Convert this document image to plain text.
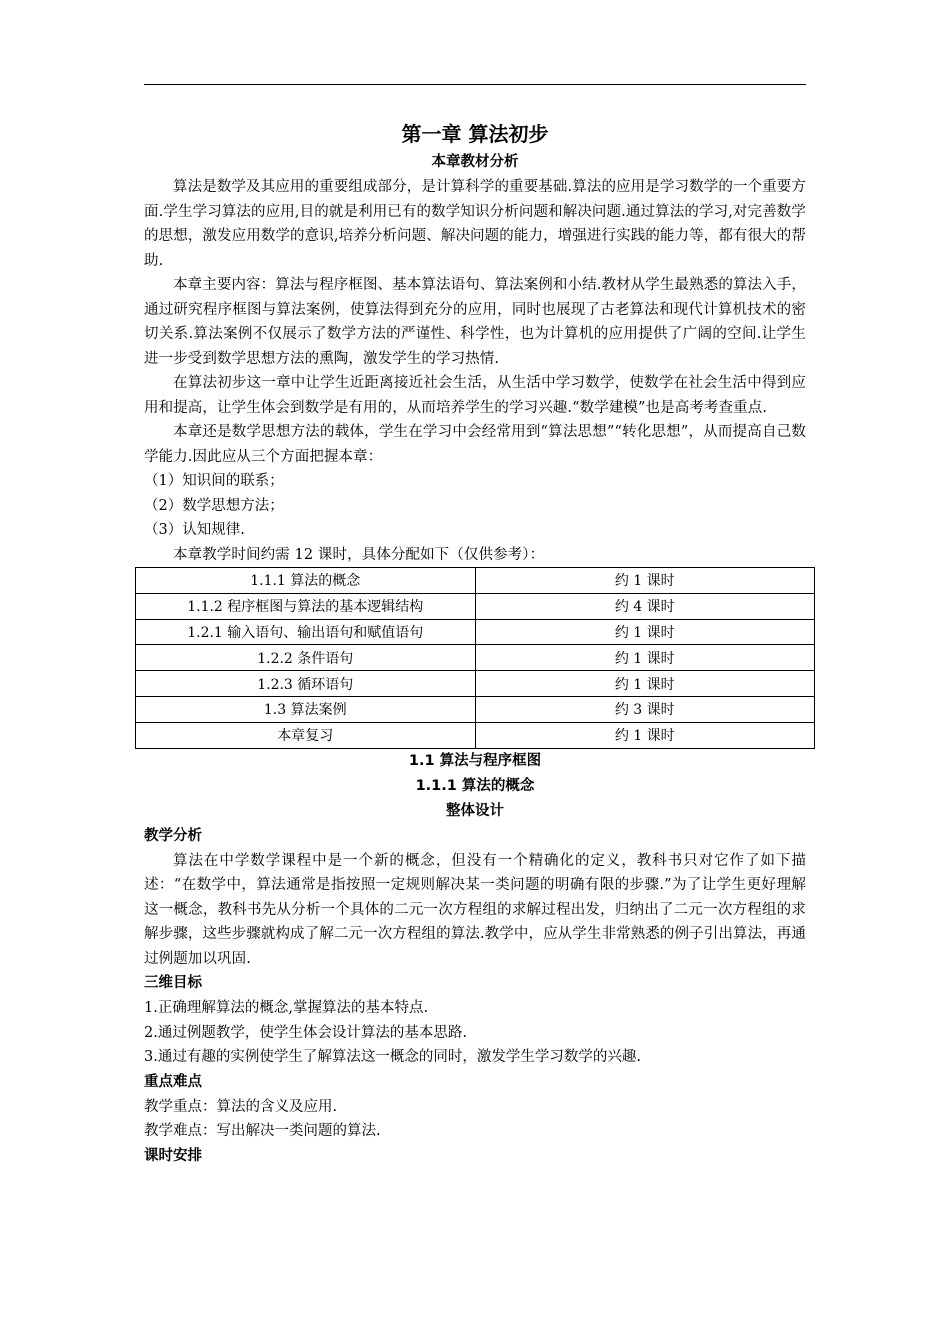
第一章 算法初步
本章教材分析

算法是数学及其应用的重要组成部分，是计算科学的重要基础.算法的应用是学习数学的一个重要方面.学生学习算法的应用,目的就是利用已有的数学知识分析问题和解决问题.通过算法的学习,对完善数学的思想，激发应用数学的意识,培养分析问题、解决问题的能力，增强进行实践的能力等，都有很大的帮助.

本章主要内容：算法与程序框图、基本算法语句、算法案例和小结.教材从学生最熟悉的算法入手，通过研究程序框图与算法案例，使算法得到充分的应用，同时也展现了古老算法和现代计算机技术的密切关系.算法案例不仅展示了数学方法的严谨性、科学性，也为计算机的应用提供了广阔的空间.让学生进一步受到数学思想方法的熏陶，激发学生的学习热情.

在算法初步这一章中让学生近距离接近社会生活，从生活中学习数学，使数学在社会生活中得到应用和提高，让学生体会到数学是有用的，从而培养学生的学习兴趣.“数学建模”也是高考考查重点.

本章还是数学思想方法的载体，学生在学习中会经常用到“算法思想”“转化思想”，从而提高自己数学能力.因此应从三个方面把握本章：

（1）知识间的联系；

（2）数学思想方法；

（3）认知规律.

本章教学时间约需 12 课时，具体分配如下（仅供参考）：

1.1.1 算法的概念	约 1 课时
1.1.2 程序框图与算法的基本逻辑结构	约 4 课时
1.2.1 输入语句、输出语句和赋值语句	约 1 课时
1.2.2 条件语句	约 1 课时
1.2.3 循环语句	约 1 课时
1.3 算法案例	约 3 课时
本章复习	约 1 课时
1.1 算法与程序框图
1.1.1 算法的概念
整体设计

教学分析

算法在中学数学课程中是一个新的概念，但没有一个精确化的定义，教科书只对它作了如下描述：“在数学中，算法通常是指按照一定规则解决某一类问题的明确有限的步骤.”为了让学生更好理解这一概念，教科书先从分析一个具体的二元一次方程组的求解过程出发，归纳出了二元一次方程组的求解步骤，这些步骤就构成了解二元一次方程组的算法.教学中，应从学生非常熟悉的例子引出算法，再通过例题加以巩固.

三维目标

1.正确理解算法的概念,掌握算法的基本特点.

2.通过例题教学，使学生体会设计算法的基本思路.

3.通过有趣的实例使学生了解算法这一概念的同时，激发学生学习数学的兴趣.

重点难点

教学重点：算法的含义及应用.

教学难点：写出解决一类问题的算法.

课时安排
